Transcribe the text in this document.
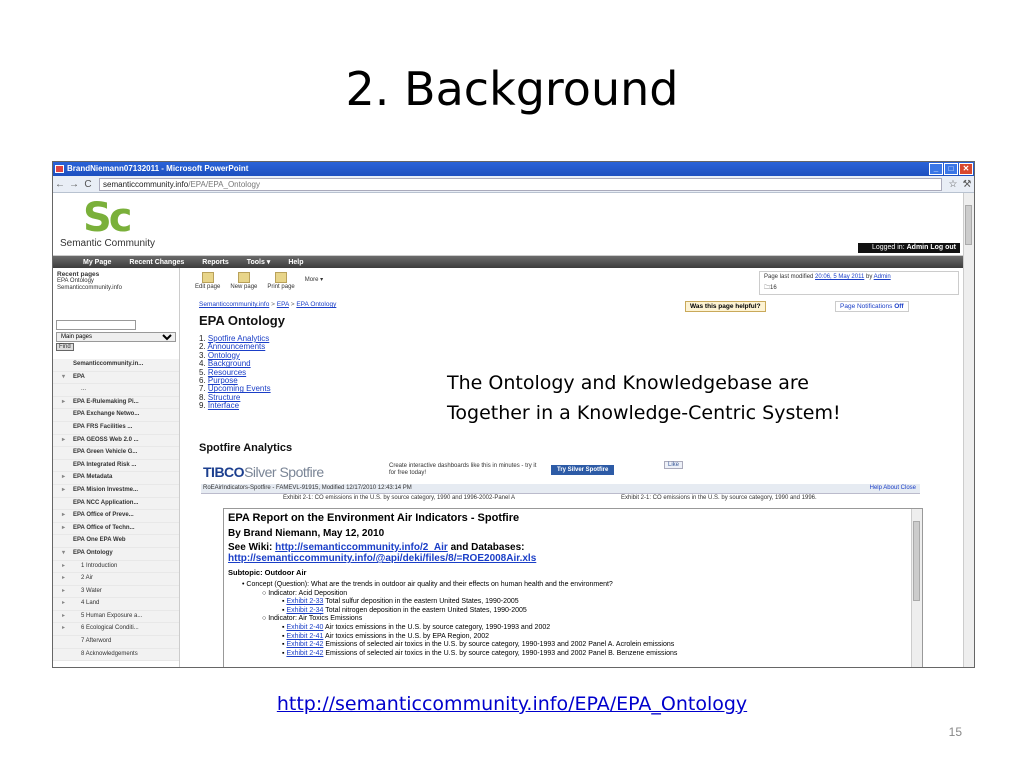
2. Background
BrandNiemann07132011 - Microsoft PowerPoint	_	□	✕
← → C	semanticcommunity.info /EPA/EPA_Ontology	☆ ⚒
Sc
Semantic Community	Logged in: Admin Log out
My Page	Recent Changes	Reports	Tools ▾	Help
Recent pages
EPA Ontology
Semanticcommunity.info
Main pages Find
Semanticcommunity.in...
▾ EPA
...
▸ EPA E-Rulemaking Pi...
EPA Exchange Netwo...
EPA FRS Facilities ...
▸ EPA GEOSS Web 2.0 ...
EPA Green Vehicle G...
EPA Integrated Risk ...
▸ EPA Metadata
▸ EPA Mision Investme...
EPA NCC Application...
▸ EPA Office of Preve...
▸ EPA Office of Techn...
EPA One EPA Web
▾ EPA Ontology
▸ 1 Introduction
▸ 2 Air
▸ 3 Water
▸ 4 Land
▸ 5 Human Exposure a...
▸ 6 Ecological Conditi...
7 Afterword
8 Acknowledgements
Edit page New page Print page
More ▾	Page last modified 20:06, 5 May 2011 by Admin
🗀16
Semanticcommunity.info > EPA > EPA Ontology	Was this page helpful?	Page Notifications Off
EPA Ontology
1. Spotfire Analytics
2. Announcements
3. Ontology
4. Background
5. Resources
6. Purpose
7. Upcoming Events
8. Structure
9. Interface
Spotfire Analytics
TIBCOSilver Spotfire	Create interactive dashboards like this in minutes - try it for free today!	Try Silver Spotfire
Like
RoEAirIndicators-Spotfire - FAMEVL-91915, Modified 12/17/2010 12:43:14 PM	Help About Close
Exhibit 2-1: CO emissions in the U.S. by source category, 1990 and 1996-2002-Panel A	Exhibit 2-1: CO emissions in the U.S. by source category, 1990 and 1996.
EPA Report on the Environment Air Indicators - Spotfire
By Brand Niemann, May 12, 2010
See Wiki: http://semanticcommunity.info/2_Air and Databases:
http://semanticcommunity.info/@api/deki/files/8/=ROE2008Air.xls
Subtopic: Outdoor Air
• Concept (Question): What are the trends in outdoor air quality and their effects on human health and the environment?
○ Indicator: Acid Deposition
▪ Exhibit 2-33 Total sulfur deposition in the eastern United States, 1990-2005
▪ Exhibit 2-34 Total nitrogen deposition in the eastern United States, 1990-2005
○ Indicator: Air Toxics Emissions
▪ Exhibit 2-40 Air toxics emissions in the U.S. by source category, 1990-1993 and 2002
▪ Exhibit 2-41 Air toxics emissions in the U.S. by EPA Region, 2002
▪ Exhibit 2-42 Emissions of selected air toxics in the U.S. by source category, 1990-1993 and 2002 Panel A. Acrolein emissions
▪ Exhibit 2-42 Emissions of selected air toxics in the U.S. by source category, 1990-1993 and 2002 Panel B. Benzene emissions
The Ontology and Knowledgebase are Together in a Knowledge-Centric System!
http://semanticcommunity.info/EPA/EPA_Ontology
15
